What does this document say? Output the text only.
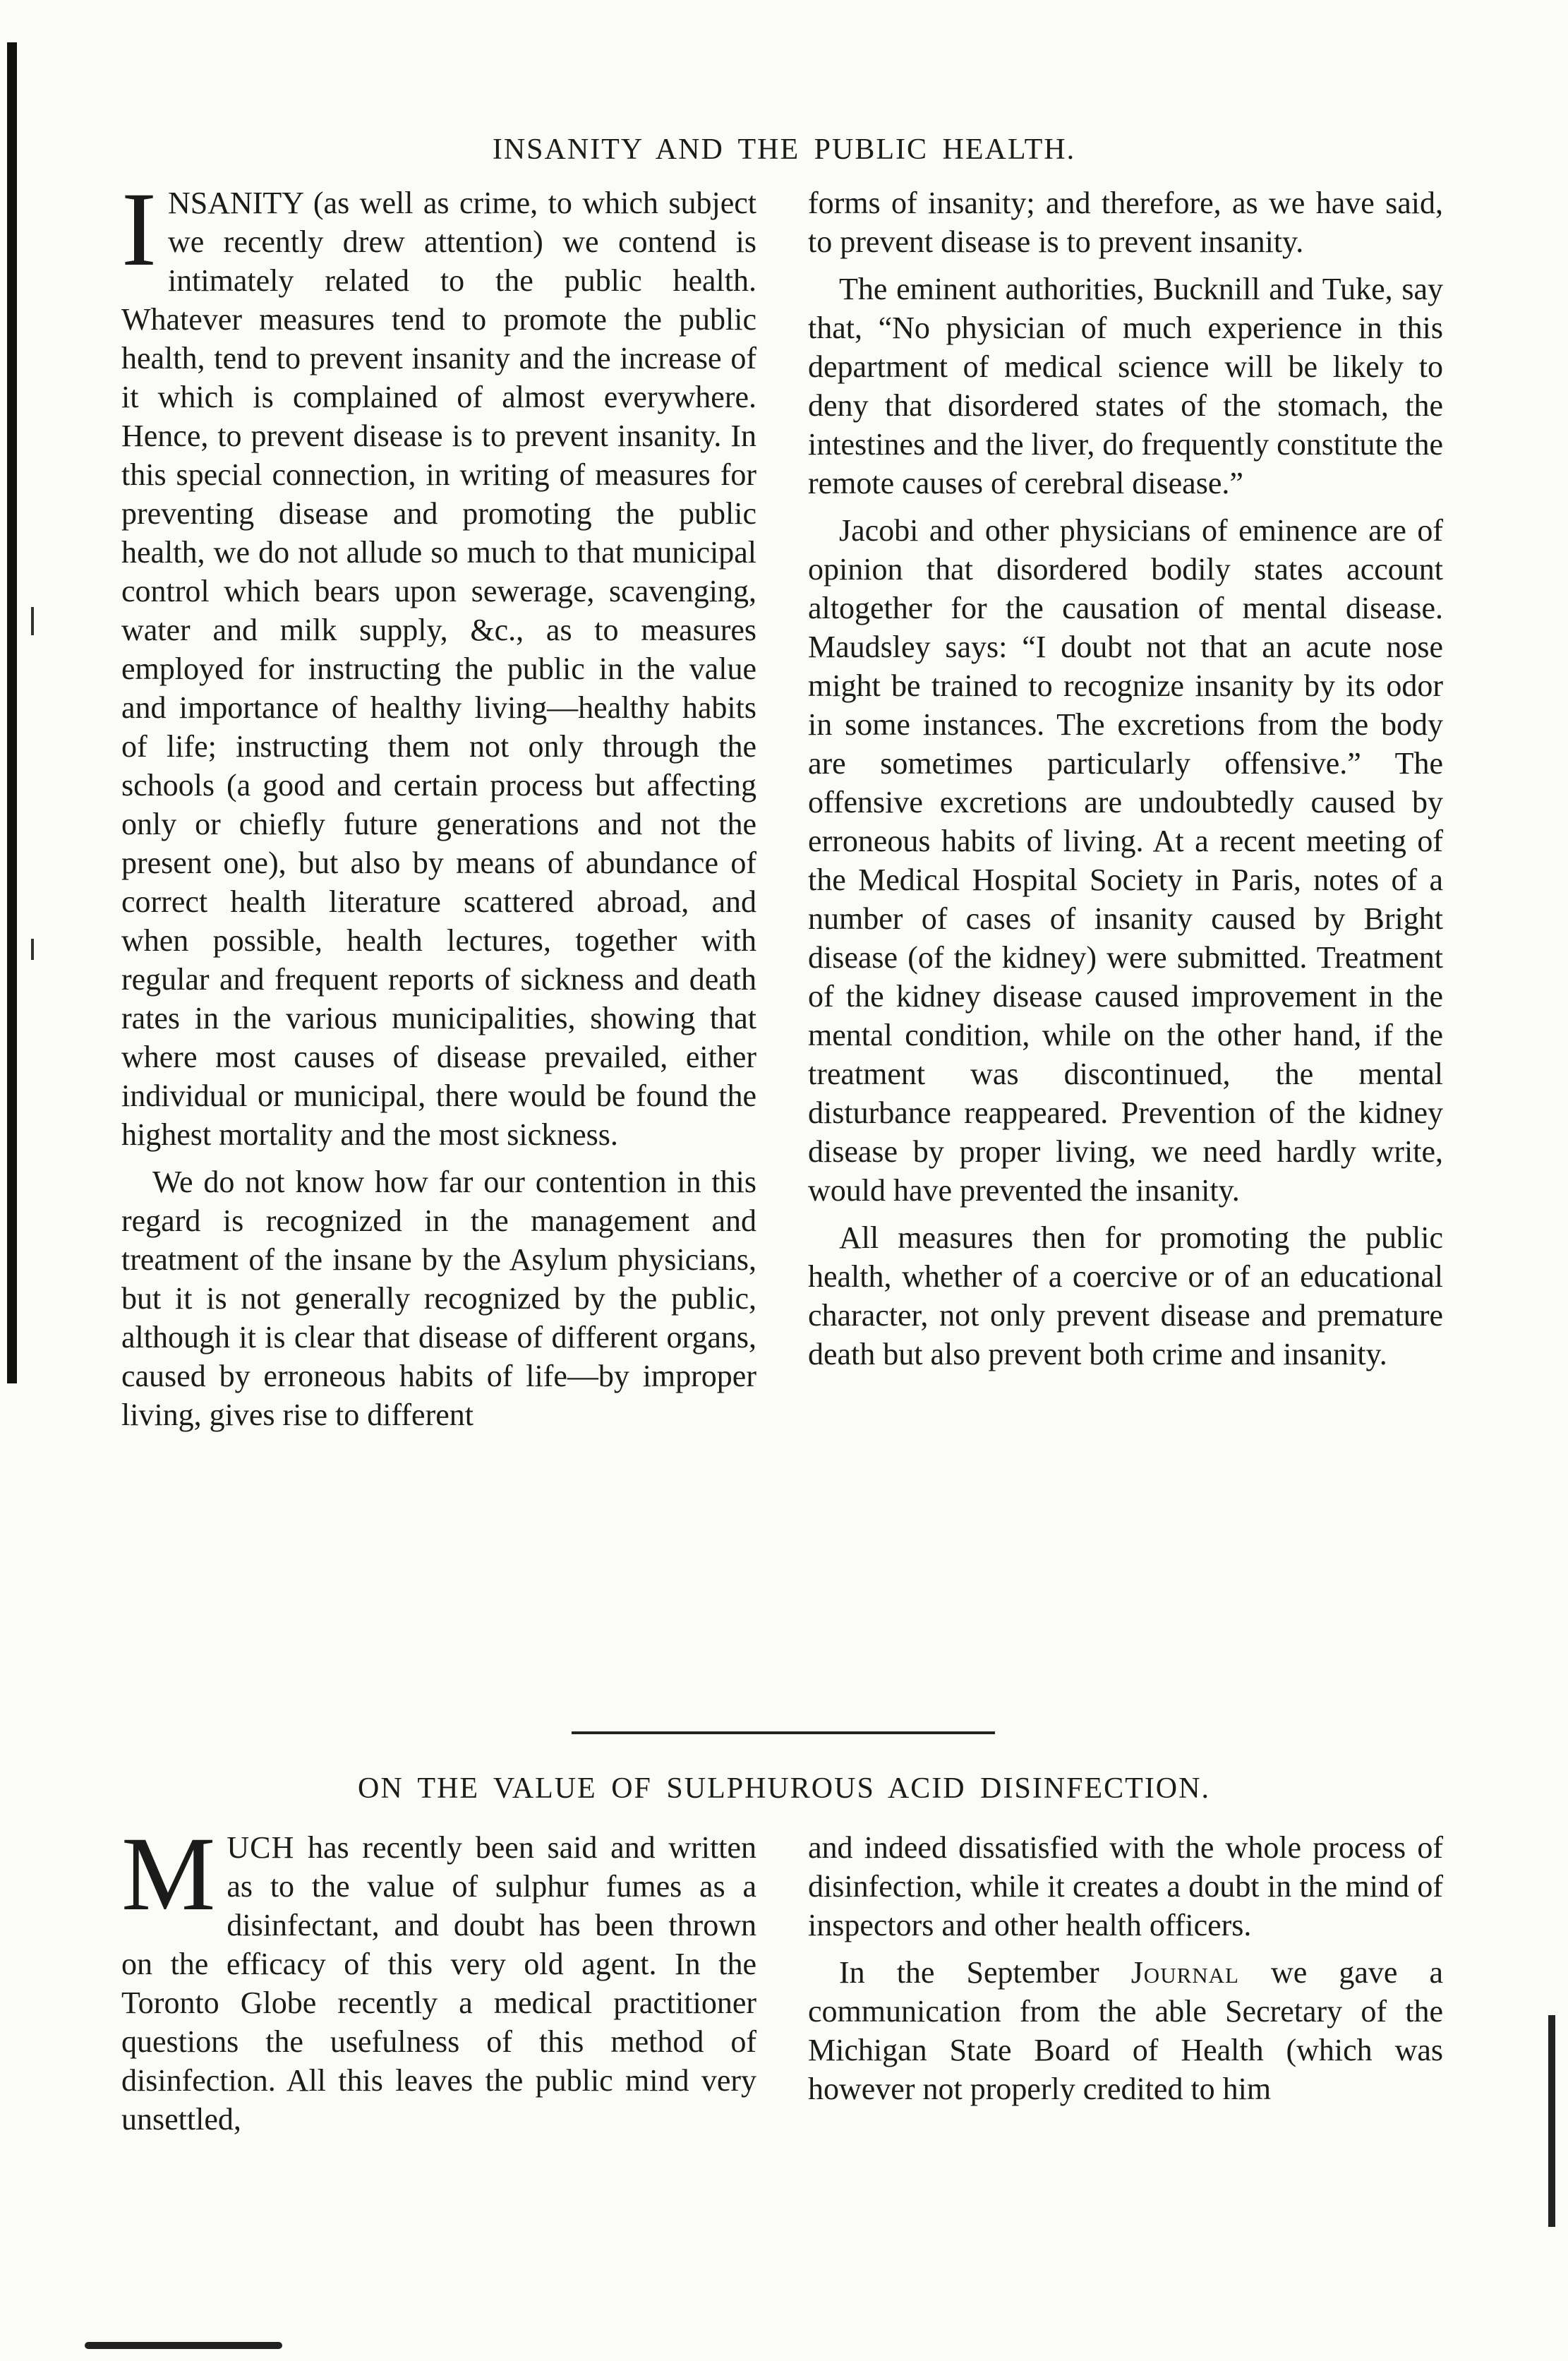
INSANITY AND THE PUBLIC HEALTH.

INSANITY (as well as crime, to which subject we recently drew attention) we contend is intimately related to the public health. Whatever measures tend to promote the public health, tend to prevent insanity and the increase of it which is complained of almost everywhere. Hence, to prevent disease is to prevent insanity. In this special connection, in writing of measures for preventing disease and promoting the public health, we do not allude so much to that municipal control which bears upon sewerage, scavenging, water and milk supply, &c., as to measures employed for instructing the public in the value and importance of healthy living—healthy habits of life; instructing them not only through the schools (a good and certain process but affecting only or chiefly future generations and not the present one), but also by means of abundance of correct health literature scattered abroad, and when possible, health lectures, together with regular and frequent reports of sickness and death rates in the various municipalities, showing that where most causes of disease prevailed, either individual or municipal, there would be found the highest mortality and the most sickness.

We do not know how far our contention in this regard is recognized in the management and treatment of the insane by the Asylum physicians, but it is not generally recognized by the public, although it is clear that disease of different organs, caused by erroneous habits of life—by improper living, gives rise to different

forms of insanity; and therefore, as we have said, to prevent disease is to prevent insanity.

The eminent authorities, Bucknill and Tuke, say that, “No physician of much experience in this department of medical science will be likely to deny that disordered states of the stomach, the intestines and the liver, do frequently constitute the remote causes of cerebral disease.”

Jacobi and other physicians of eminence are of opinion that disordered bodily states account altogether for the causation of mental disease. Maudsley says: “I doubt not that an acute nose might be trained to recognize insanity by its odor in some instances. The excretions from the body are sometimes particularly offensive.” The offensive excretions are undoubtedly caused by erroneous habits of living. At a recent meeting of the Medical Hospital Society in Paris, notes of a number of cases of insanity caused by Bright disease (of the kidney) were submitted. Treatment of the kidney disease caused improvement in the mental condition, while on the other hand, if the treatment was discontinued, the mental disturbance reappeared. Prevention of the kidney disease by proper living, we need hardly write, would have prevented the insanity.

All measures then for promoting the public health, whether of a coercive or of an educational character, not only prevent disease and premature death but also prevent both crime and insanity.

ON THE VALUE OF SULPHUROUS ACID DISINFECTION.

MUCH has recently been said and written as to the value of sulphur fumes as a disinfectant, and doubt has been thrown on the efficacy of this very old agent. In the Toronto Globe recently a medical practitioner questions the usefulness of this method of disinfection. All this leaves the public mind very unsettled,

and indeed dissatisfied with the whole process of disinfection, while it creates a doubt in the mind of inspectors and other health officers.

In the September Journal we gave a communication from the able Secretary of the Michigan State Board of Health (which was however not properly credited to him
